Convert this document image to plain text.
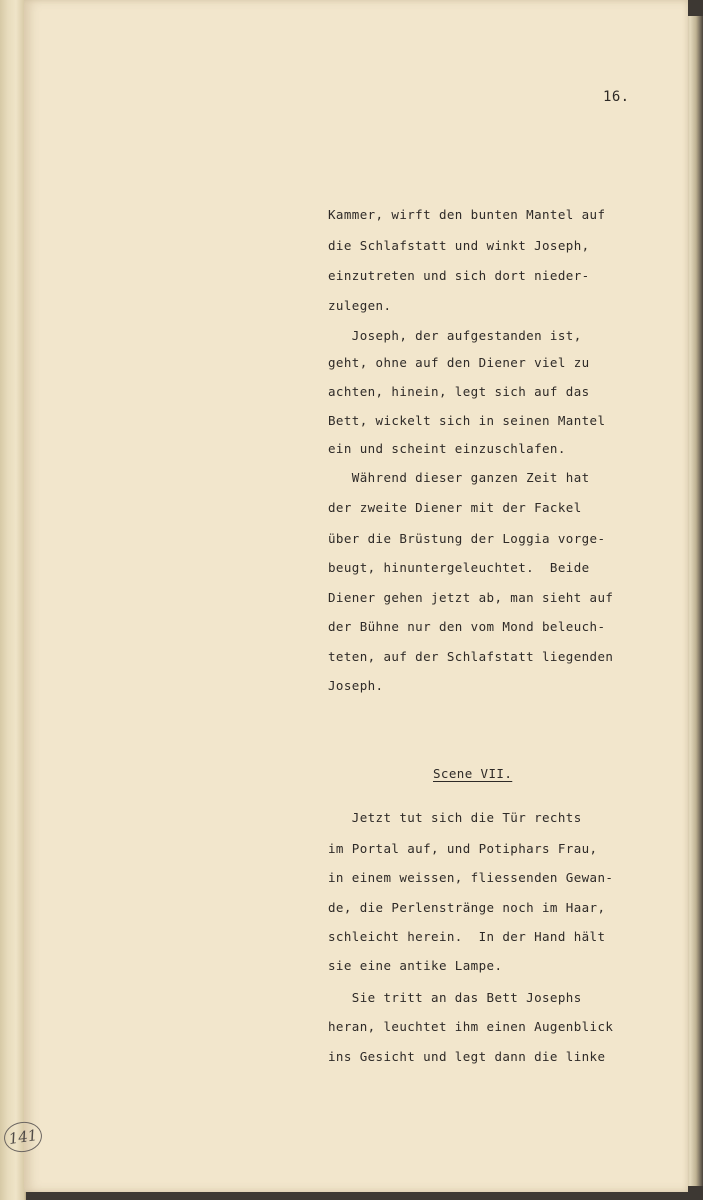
16.
Kammer, wirft den bunten Mantel auf
die Schlafstatt und winkt Joseph,
einzutreten und sich dort nieder-
zulegen.
Joseph, der aufgestanden ist,
geht, ohne auf den Diener viel zu
achten, hinein, legt sich auf das
Bett, wickelt sich in seinen Mantel
ein und scheint einzuschlafen.
Während dieser ganzen Zeit hat
der zweite Diener mit der Fackel
über die Brüstung der Loggia vorge-
beugt, hinuntergeleuchtet.  Beide
Diener gehen jetzt ab, man sieht auf
der Bühne nur den vom Mond beleuch-
teten, auf der Schlafstatt liegenden
Joseph.
Scene VII.
Jetzt tut sich die Tür rechts
im Portal auf, und Potiphars Frau,
in einem weissen, fliessenden Gewan-
de, die Perlenstränge noch im Haar,
schleicht herein.  In der Hand hält
sie eine antike Lampe.
Sie tritt an das Bett Josephs
heran, leuchtet ihm einen Augenblick
ins Gesicht und legt dann die linke
141
